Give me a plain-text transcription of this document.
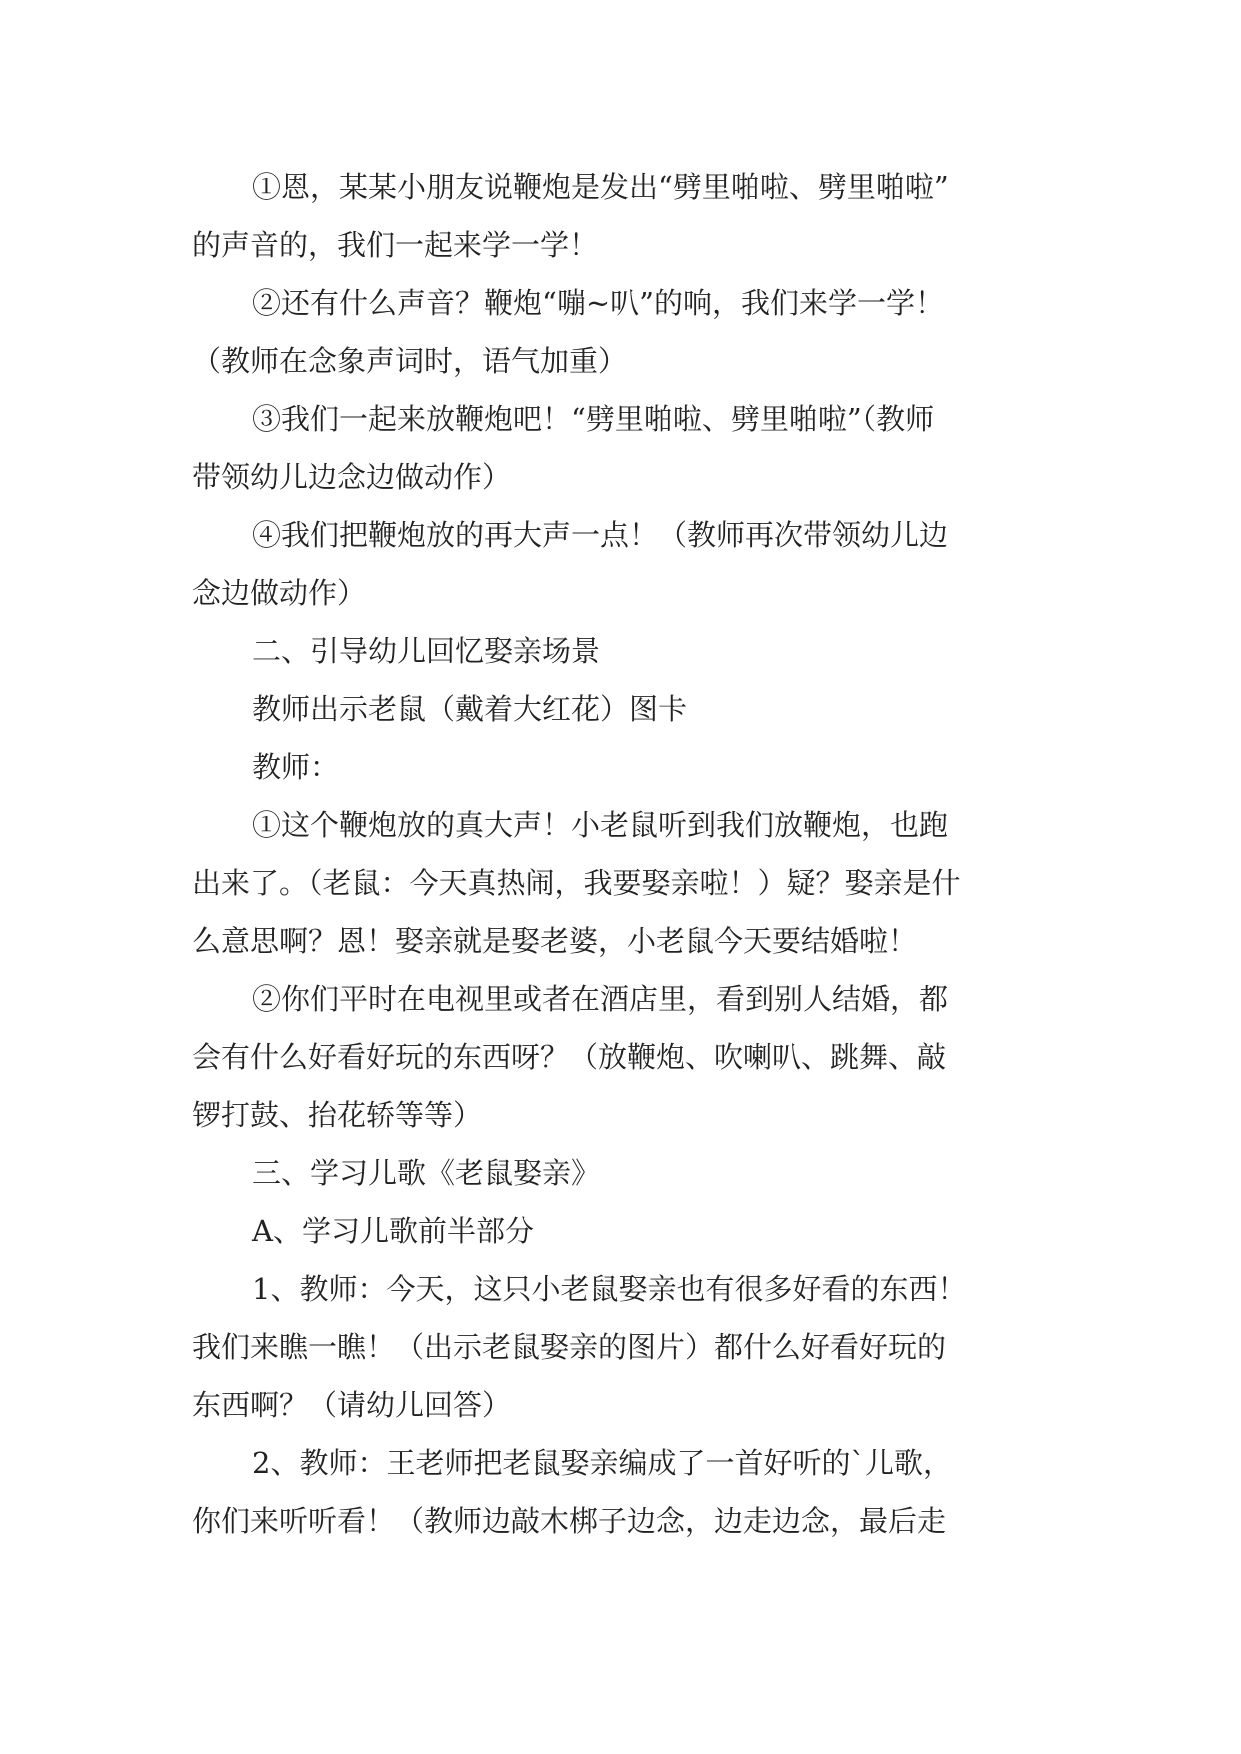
①恩，某某小朋友说鞭炮是发出“劈里啪啦、劈里啪啦”
的声音的，我们一起来学一学！
②还有什么声音？鞭炮“嘣~叭”的响，我们来学一学！
（教师在念象声词时，语气加重）
③我们一起来放鞭炮吧！“劈里啪啦、劈里啪啦”（教师
带领幼儿边念边做动作）
④我们把鞭炮放的再大声一点！（教师再次带领幼儿边
念边做动作）
二、引导幼儿回忆娶亲场景
教师出示老鼠（戴着大红花）图卡
教师：
①这个鞭炮放的真大声！小老鼠听到我们放鞭炮，也跑
出来了。（老鼠：今天真热闹，我要娶亲啦！）疑？娶亲是什
么意思啊？恩！娶亲就是娶老婆，小老鼠今天要结婚啦！
②你们平时在电视里或者在酒店里，看到别人结婚，都
会有什么好看好玩的东西呀？（放鞭炮、吹喇叭、跳舞、敲
锣打鼓、抬花轿等等）
三、学习儿歌《老鼠娶亲》
A、学习儿歌前半部分
1、教师：今天，这只小老鼠娶亲也有很多好看的东西！
我们来瞧一瞧！（出示老鼠娶亲的图片）都什么好看好玩的
东西啊？（请幼儿回答）
2、教师：王老师把老鼠娶亲编成了一首好听的`儿歌，
你们来听听看！（教师边敲木梆子边念，边走边念，最后走
